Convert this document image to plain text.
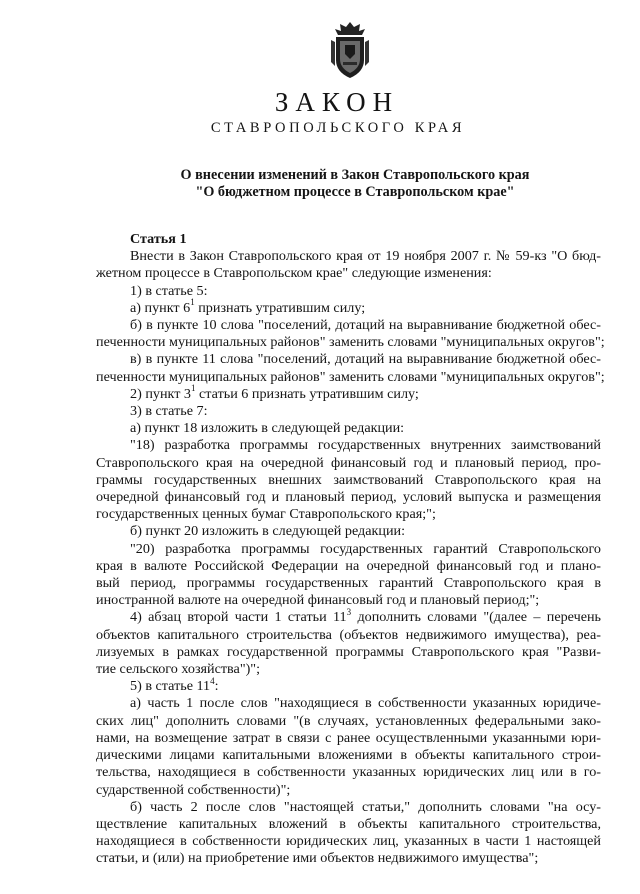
ЗАКОН
СТАВРОПОЛЬСКОГО КРАЯ
О внесении изменений в Закон Ставропольского края
"О бюджетном процессе в Ставропольском крае"
Статья 1
Внести в Закон Ставропольского края от 19 ноября 2007 г. № 59-кз "О бюд-
жетном процессе в Ставропольском крае" следующие изменения:
1) в статье 5:
а) пункт $6^1$ признать утратившим силу;
б) в пункте 10 слова "поселений, дотаций на выравнивание бюджетной обес-
печенности муниципальных районов" заменить словами "муниципальных округов";
в) в пункте 11 слова "поселений, дотаций на выравнивание бюджетной обес-
печенности муниципальных районов" заменить словами "муниципальных округов";
2) пункт $3^1$ статьи 6 признать утратившим силу;
3) в статье 7:
а) пункт 18 изложить в следующей редакции:
"18) разработка программы государственных внутренних заимствований
Ставропольского края на очередной финансовый год и плановый период, про-
граммы государственных внешних заимствований Ставропольского края на
очередной финансовый год и плановый период, условий выпуска и размещения
государственных ценных бумаг Ставропольского края;";
б) пункт 20 изложить в следующей редакции:
"20) разработка программы государственных гарантий Ставропольского
края в валюте Российской Федерации на очередной финансовый год и плано-
вый период, программы государственных гарантий Ставропольского края в
иностранной валюте на очередной финансовый год и плановый период;";
4) абзац второй части 1 статьи $11^3$ дополнить словами "(далее – перечень
объектов капитального строительства (объектов недвижимого имущества), реа-
лизуемых в рамках государственной программы Ставропольского края "Разви-
тие сельского хозяйства")";
5) в статье $11^4$:
а) часть 1 после слов "находящиеся в собственности указанных юридиче-
ских лиц" дополнить словами "(в случаях, установленных федеральными зако-
нами, на возмещение затрат в связи с ранее осуществленными указанными юри-
дическими лицами капитальными вложениями в объекты капитального строи-
тельства, находящиеся в собственности указанных юридических лиц или в го-
сударственной собственности)";
б) часть 2 после слов "настоящей статьи," дополнить словами "на осу-
ществление капитальных вложений в объекты капитального строительства,
находящиеся в собственности юридических лиц, указанных в части 1 настоящей
статьи, и (или) на приобретение ими объектов недвижимого имущества";
